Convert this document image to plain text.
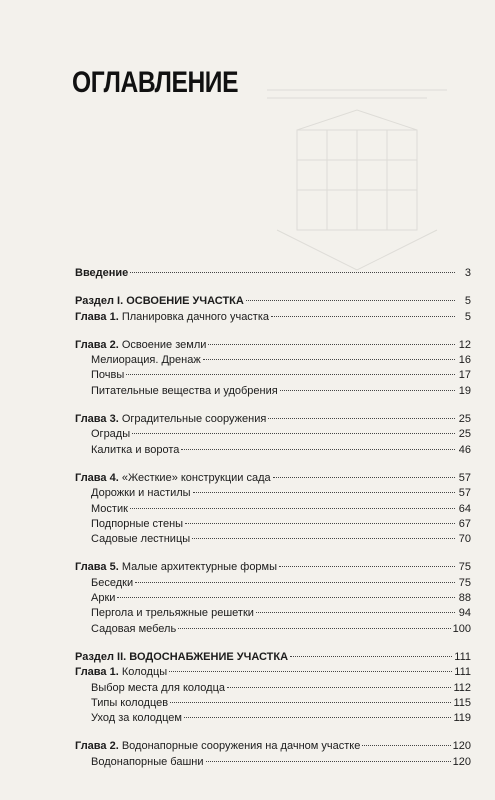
ОГЛАВЛЕНИЕ
Введение	3
Раздел I. ОСВОЕНИЕ УЧАСТКА	5
Глава 1. Планировка дачного участка	5
Глава 2. Освоение земли	12
Мелиорация. Дренаж	16
Почвы	17
Питательные вещества и удобрения	19
Глава 3. Оградительные сооружения	25
Ограды	25
Калитка и ворота	46
Глава 4. «Жесткие» конструкции сада	57
Дорожки и настилы	57
Мостик	64
Подпорные стены	67
Садовые лестницы	70
Глава 5. Малые архитектурные формы	75
Беседки	75
Арки	88
Пергола и трельяжные решетки	94
Садовая мебель	100
Раздел II. ВОДОСНАБЖЕНИЕ УЧАСТКА	111
Глава 1. Колодцы	111
Выбор места для колодца	112
Типы колодцев	115
Уход за колодцем	119
Глава 2. Водонапорные сооружения на дачном участке	120
Водонапорные башни	120
